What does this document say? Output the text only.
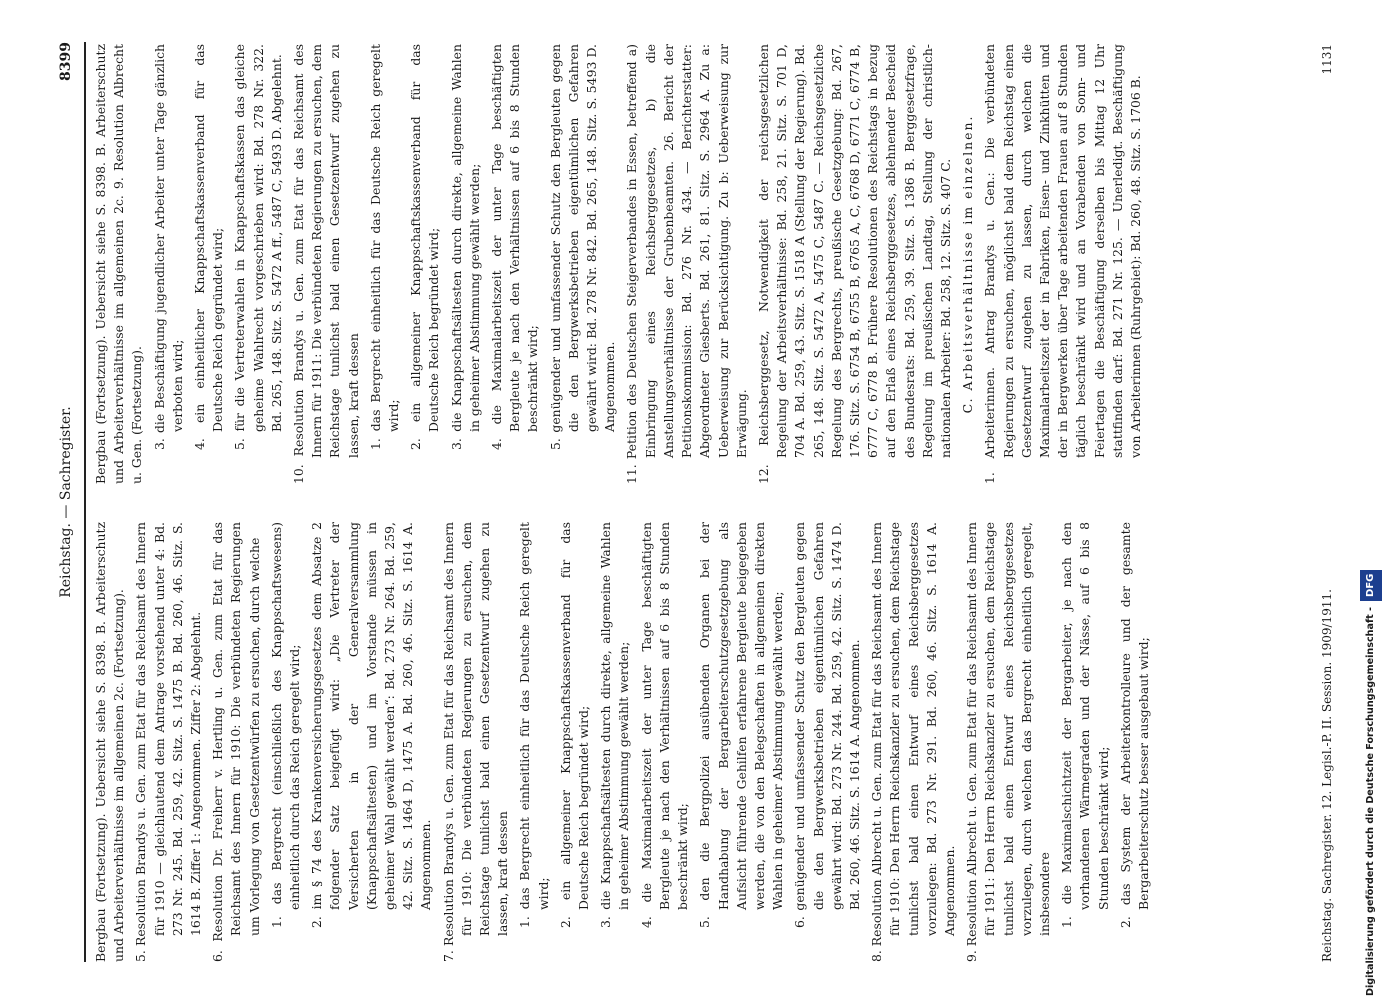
Reichstag. — Sachregister.
8399

Bergbau (Fortsetzung). Uebersicht siehe S. 8398. B. Arbeiterschutz und Arbeiterverhältnisse im allgemeinen 2c. (Fortsetzung). 5. Resolution Brandys u. Gen. zum Etat für das Reichsamt des Innern für 1910 — gleichlautend dem Antrage vorstehend unter 4: Bd. 273 Nr. 245. Bd. 259, 42. Sitz. S. 1475 B. Bd. 260, 46. Sitz. S. 1614 B. Ziffer 1: Angenommen. Ziffer 2: Abgelehnt. 6. Resolution Dr. Freiherr v. Hertling u. Gen. zum Etat für das Reichsamt des Innern für 1910: Die verbündeten Regierungen um Vorlegung von Gesetzentwürfen zu ersuchen, durch welche 1. das Bergrecht (einschließlich des Knappschaftswesens) einheitlich durch das Reich geregelt wird; 2. im § 74 des Krankenversicherungsgesetzes dem Absatze 2 folgender Satz beigefügt wird: „Die Vertreter der Versicherten in der Generalversammlung (Knappschaftsältesten) und im Vorstande müssen in geheimer Wahl gewählt werden“: Bd. 273 Nr. 264. Bd. 259, 42. Sitz. S. 1464 D, 1475 A. Bd. 260, 46. Sitz. S. 1614 A. Angenommen. 7. Resolution Brandys u. Gen. zum Etat für das Reichsamt des Innern für 1910: Die verbündeten Regierungen zu ersuchen, dem Reichstage tunlichst bald einen Gesetzentwurf zugehen zu lassen, kraft dessen 1. das Bergrecht einheitlich für das Deutsche Reich geregelt wird; 2. ein allgemeiner Knappschaftskassenverband für das Deutsche Reich begründet wird; 3. die Knappschaftsältesten durch direkte, allgemeine Wahlen in geheimer Abstimmung gewählt werden; 4. die Maximalarbeitszeit der unter Tage beschäftigten Bergleute je nach den Verhältnissen auf 6 bis 8 Stunden beschränkt wird; 5. den die Bergpolizei ausübenden Organen bei der Handhabung der Bergarbeiterschutzgesetzgebung als Aufsicht führende Gehilfen erfahrene Bergleute beigegeben werden, die von den Belegschaften in allgemeinen direkten Wahlen in geheimer Abstimmung gewählt werden; 6. genügender und umfassender Schutz den Bergleuten gegen die den Bergwerksbetrieben eigentümlichen Gefahren gewährt wird: Bd. 273 Nr. 244. Bd. 259, 42. Sitz. S. 1474 D. Bd. 260, 46. Sitz. S. 1614 A. Angenommen. 8. Resolution Albrecht u. Gen. zum Etat für das Reichsamt des Innern für 1910: Den Herrn Reichskanzler zu ersuchen, dem Reichstage tunlichst bald einen Entwurf eines Reichsberggesetzes vorzulegen: Bd. 273 Nr. 291. Bd. 260, 46. Sitz. S. 1614 A. Angenommen. 9. Resolution Albrecht u. Gen. zum Etat für das Reichsamt des Innern für 1911: Den Herrn Reichskanzler zu ersuchen, dem Reichstage tunlichst bald einen Entwurf eines Reichsberggesetzes vorzulegen, durch welchen das Bergrecht einheitlich geregelt, insbesondere 1. die Maximalschichtzeit der Bergarbeiter, je nach den vorhandenen Wärmegraden und der Nässe, auf 6 bis 8 Stunden beschränkt wird; 2. das System der Arbeiterkontrolleure und der gesamte Bergarbeiterschutz besser ausgebaut wird;

Bergbau (Fortsetzung). Uebersicht siehe S. 8398. B. Arbeiterschutz und Arbeiterverhältnisse im allgemeinen 2c. 9. Resolution Albrecht u. Gen. (Fortsetzung). 3. die Beschäftigung jugendlicher Arbeiter unter Tage gänzlich verboten wird; 4. ein einheitlicher Knappschaftskassenverband für das Deutsche Reich gegründet wird; 5. für die Vertreterwahlen in Knappschaftskassen das gleiche geheime Wahlrecht vorgeschrieben wird: Bd. 278 Nr. 322. Bd. 265, 148. Sitz. S. 5472 A ff., 5487 C, 5493 D. Abgelehnt. 10. Resolution Brandys u. Gen. zum Etat für das Reichsamt des Innern für 1911: Die verbündeten Regierungen zu ersuchen, dem Reichstage tunlichst bald einen Gesetzentwurf zugehen zu lassen, kraft dessen 1. das Bergrecht einheitlich für das Deutsche Reich geregelt wird; 2. ein allgemeiner Knappschaftskassenverband für das Deutsche Reich begründet wird; 3. die Knappschaftsältesten durch direkte, allgemeine Wahlen in geheimer Abstimmung gewählt werden; 4. die Maximalarbeitszeit der unter Tage beschäftigten Bergleute je nach den Verhältnissen auf 6 bis 8 Stunden beschränkt wird; 5. genügender und umfassender Schutz den Bergleuten gegen die den Bergwerksbetrieben eigentümlichen Gefahren gewährt wird: Bd. 278 Nr. 842. Bd. 265, 148. Sitz. S. 5493 D. Angenommen. 11. Petition des Deutschen Steigerverbandes in Essen, betreffend a) Einbringung eines Reichsberggesetzes, b) die Anstellungsverhältnisse der Grubenbeamten. 26. Bericht der Petitionskommission: Bd. 276 Nr. 434. — Berichterstatter: Abgeordneter Giesberts. Bd. 261, 81. Sitz. S. 2964 A. Zu a: Ueberweisung zur Berücksichtigung. Zu b: Ueberweisung zur Erwägung. 12. Reichsberggesetz, Notwendigkeit der reichsgesetzlichen Regelung der Arbeitsverhältnisse: Bd. 258, 21. Sitz. S. 701 D, 704 A. Bd. 259, 43. Sitz. S. 1518 A (Stellung der Regierung). Bd. 265, 148. Sitz. S. 5472 A, 5475 C, 5487 C. — Reichsgesetzliche Regelung des Bergrechts, preußische Gesetzgebung: Bd. 267, 176. Sitz. S. 6754 B, 6755 B, 6765 A, C, 6768 D, 6771 C, 6774 B, 6777 C, 6778 B. Frühere Resolutionen des Reichstags in bezug auf den Erlaß eines Reichsberggesetzes, ablehnender Bescheid des Bundesrats: Bd. 259, 39. Sitz. S. 1386 B. Berggesetzfrage, Regelung im preußischen Landtag, Stellung der christlich-nationalen Arbeiter: Bd. 258, 12. Sitz. S. 407 C. C. Arbeitsverhältnisse im einzelnen. 1. Arbeiterinnen. Antrag Brandys u. Gen.: Die verbündeten Regierungen zu ersuchen, möglichst bald dem Reichstag einen Gesetzentwurf zugehen zu lassen, durch welchen die Maximalarbeitszeit der in Fabriken, Eisen- und Zinkhütten und der in Bergwerken über Tage arbeitenden Frauen auf 8 Stunden täglich beschränkt wird und an Vorabenden von Sonn- und Feiertagen die Beschäftigung derselben bis Mittag 12 Uhr stattfinden darf: Bd. 271 Nr. 125. — Unerledigt. Beschäftigung von Arbeiterinnen (Ruhrgebiet): Bd. 260, 48. Sitz. S. 1706 B.

Reichstag. Sachregister. 12. Legisl.-P. II. Session. 1909/1911.
1131
Digitalisierung gefördert durch die Deutsche Forschungsgemeinschaft -DFG
